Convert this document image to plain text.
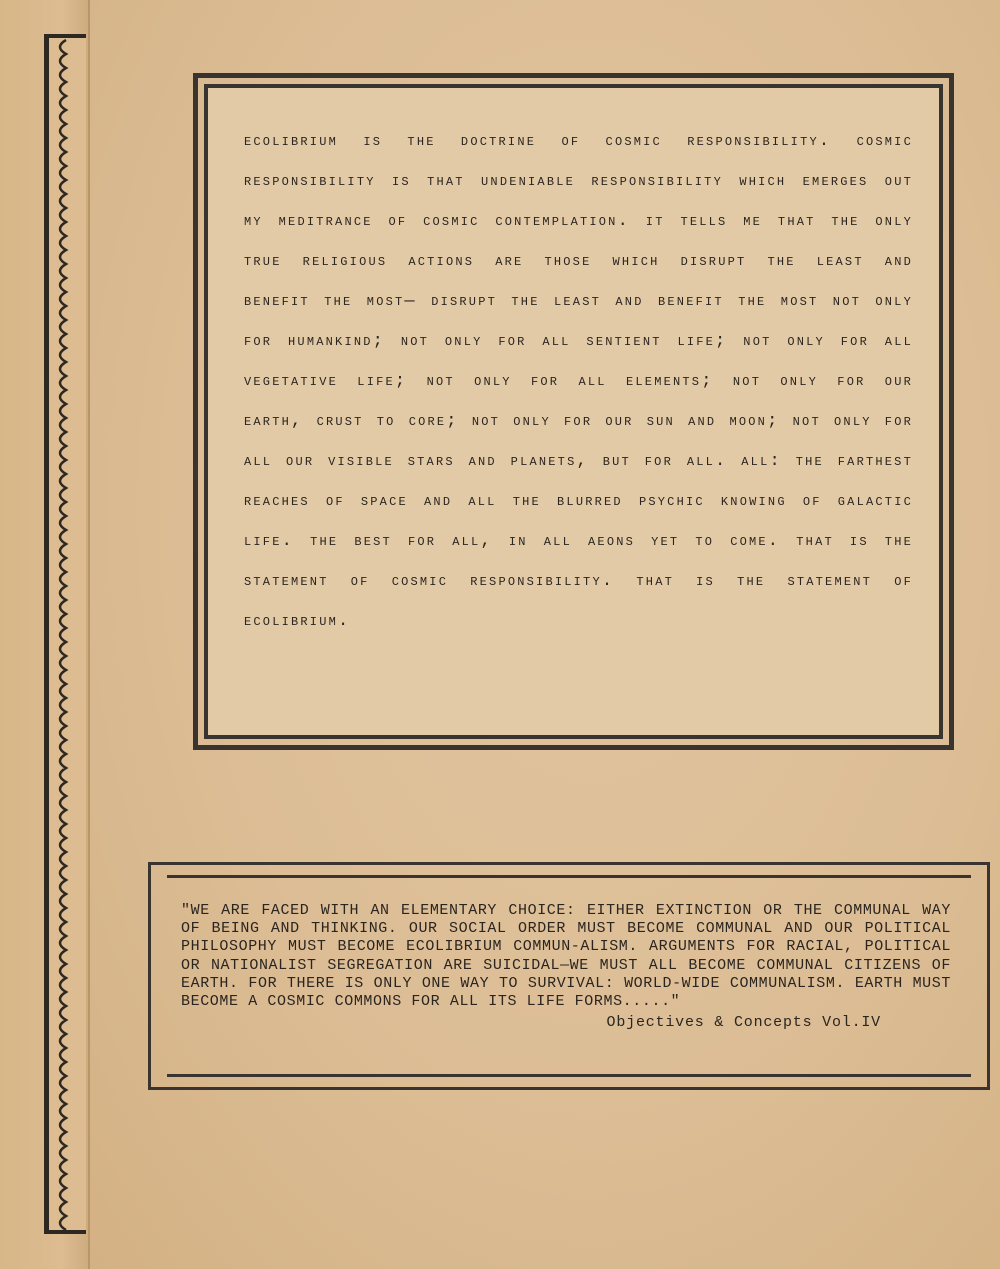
ecolibrium is the doctrine of cosmic responsibility. cosmic responsibility is that undeniable responsibility which emerges out my meditrance of cosmic contemplation. it tells me that the only true religious actions are those which disrupt the least and benefit the most— disrupt the least and benefit the most not only for humankind; not only for all sentient life; not only for all vegetative life; not only for all elements; not only for our earth, crust to core; not only for our sun and moon; not only for all our visible stars and planets, but for all. all: the farthest reaches of space and all the blurred psychic knowing of galactic life. the best for all, in all aeons yet to come. that is the statement of cosmic responsibility. that is the statement of ecolibrium.

"WE ARE FACED WITH AN ELEMENTARY CHOICE: EITHER EXTINCTION OR THE COMMUNAL WAY OF BEING AND THINKING. OUR SOCIAL ORDER MUST BECOME COMMUNAL AND OUR POLITICAL PHILOSOPHY MUST BECOME ECOLIBRIUM COMMUN-ALISM. ARGUMENTS FOR RACIAL, POLITICAL OR NATIONALIST SEGREGATION ARE SUICIDAL—WE MUST ALL BECOME COMMUNAL CITIZENS OF EARTH. FOR THERE IS ONLY ONE WAY TO SURVIVAL: WORLD-WIDE COMMUNALISM. EARTH MUST BECOME A COSMIC COMMONS FOR ALL ITS LIFE FORMS....."

Objectives & Concepts Vol.IV
